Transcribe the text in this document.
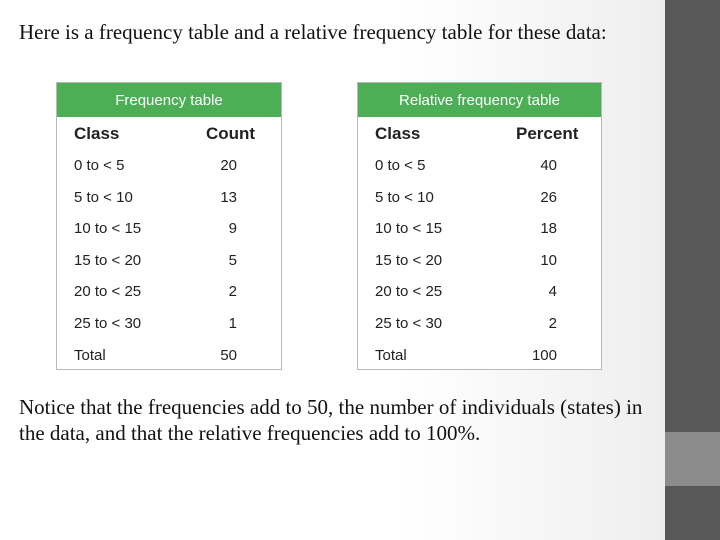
Here is a frequency table and a relative frequency table for these data:
Frequency table
Class	Count
0 to < 5	20
5 to < 10	13
10 to < 15	9
15 to < 20	5
20 to < 25	2
25 to < 30	1
Total	50
Relative frequency table
Class	Percent
0 to < 5	40
5 to < 10	26
10 to < 15	18
15 to < 20	10
20 to < 25	4
25 to < 30	2
Total	100
Notice that the frequencies add to 50, the number of individuals (states) in the data, and that the relative frequencies add to 100%.
